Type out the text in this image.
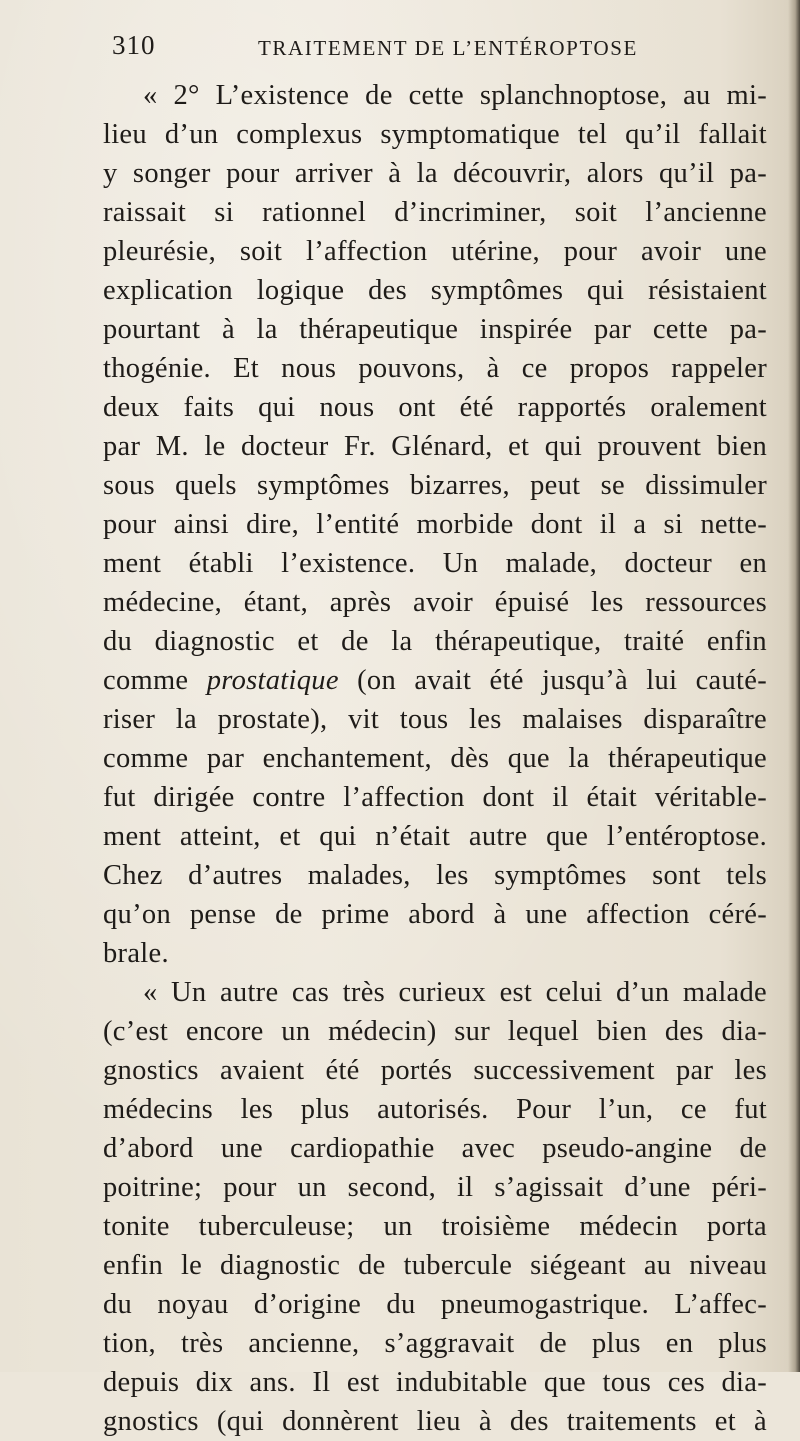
310	TRAITEMENT DE L’ENTÉROPTOSE
« 2° L’existence de cette splanchnoptose, au mi-
lieu d’un complexus symptomatique tel qu’il fallait
y songer pour arriver à la découvrir, alors qu’il pa-
raissait si rationnel d’incriminer, soit l’ancienne
pleurésie, soit l’affection utérine, pour avoir une
explication logique des symptômes qui résistaient
pourtant à la thérapeutique inspirée par cette pa-
thogénie. Et nous pouvons, à ce propos rappeler
deux faits qui nous ont été rapportés oralement
par M. le docteur Fr. Glénard, et qui prouvent bien
sous quels symptômes bizarres, peut se dissimuler
pour ainsi dire, l’entité morbide dont il a si nette-
ment établi l’existence. Un malade, docteur en
médecine, étant, après avoir épuisé les ressources
du diagnostic et de la thérapeutique, traité enfin
comme prostatique (on avait été jusqu’à lui cauté-
riser la prostate), vit tous les malaises disparaître
comme par enchantement, dès que la thérapeutique
fut dirigée contre l’affection dont il était véritable-
ment atteint, et qui n’était autre que l’entéroptose.
Chez d’autres malades, les symptômes sont tels
qu’on pense de prime abord à une affection céré-
brale.
« Un autre cas très curieux est celui d’un malade
(c’est encore un médecin) sur lequel bien des dia-
gnostics avaient été portés successivement par les
médecins les plus autorisés. Pour l’un, ce fut
d’abord une cardiopathie avec pseudo-angine de
poitrine; pour un second, il s’agissait d’une péri-
tonite tuberculeuse; un troisième médecin porta
enfin le diagnostic de tubercule siégeant au niveau
du noyau d’origine du pneumogastrique. L’affec-
tion, très ancienne, s’aggravait de plus en plus
depuis dix ans. Il est indubitable que tous ces dia-
gnostics (qui donnèrent lieu à des traitements et à
